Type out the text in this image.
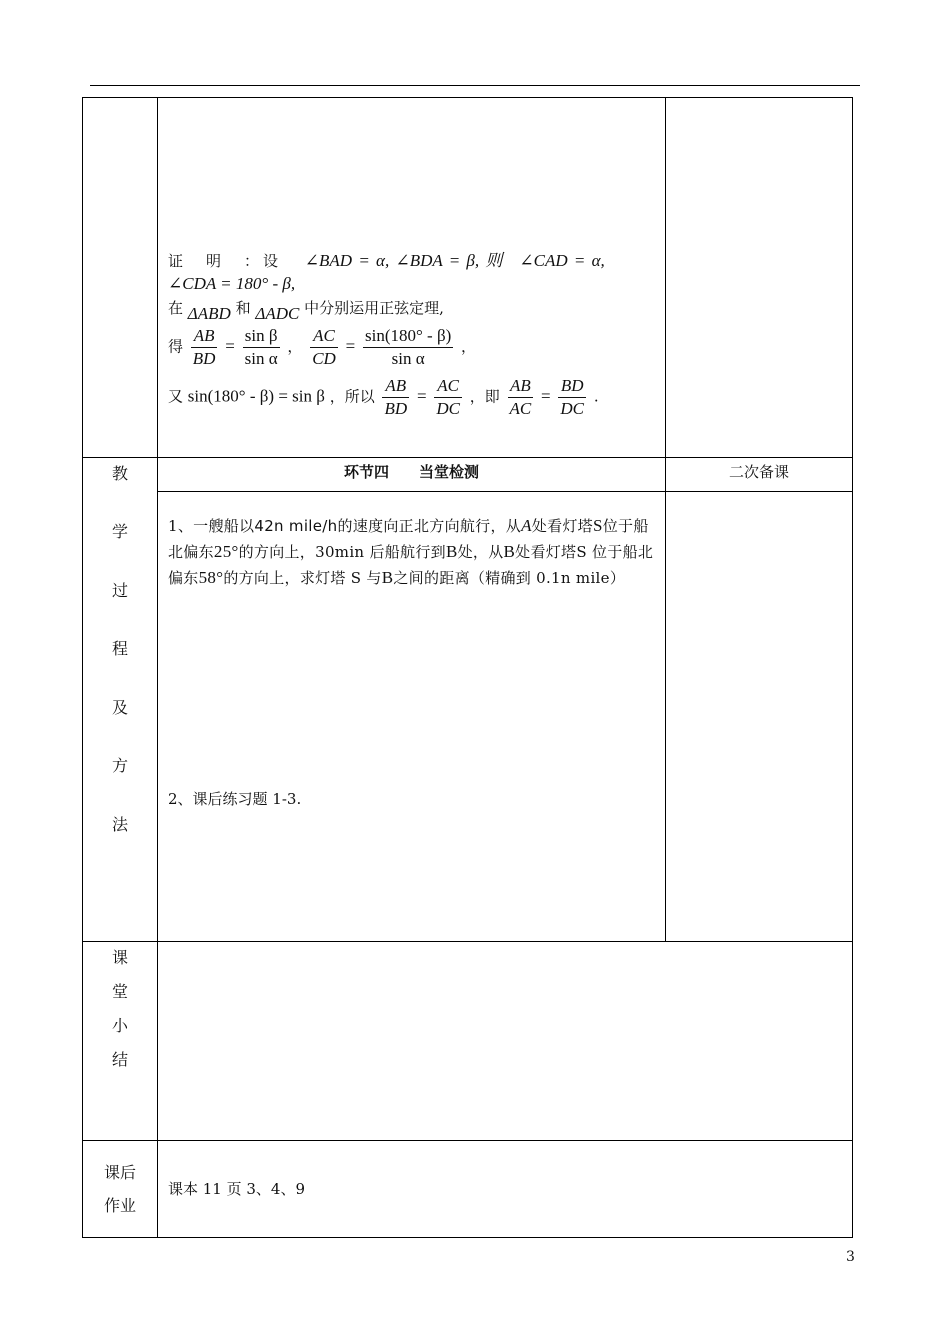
证　明　：设 ∠BAD = α, ∠BDA = β, 则　∠CAD = α,
∠CDA = 180° - β,
在 ΔABD 和 ΔADC 中分别运用正弦定理,
得 $\frac{AB}{BD} = \frac{\text{sin β}}{\text{sin α}}$ ， $\frac{AC}{CD} = \frac{\sin(180^\circ - \beta)}{\text{sin α}}$ ，
又 sin(180° - β) = sin β ，所以 $\frac{AB}{BD} = \frac{AC}{DC}$ ，即 $\frac{AB}{AC} = \frac{BD}{DC}$ .
环节四　　当堂检测	二次备课
教
学
过
程
及
方
法
1、一艘船以42n mile/h的速度向正北方向航行，从A处看灯塔S位于船北偏东25°的方向上，30min 后船航行到B处，从B处看灯塔S 位于船北偏东58°的方向上，求灯塔 S 与B之间的距离（精确到 0.1n mile）
2、课后练习题 1-3.
课
堂
小
结
课后
作业
课本 11 页 3、4、9
3
